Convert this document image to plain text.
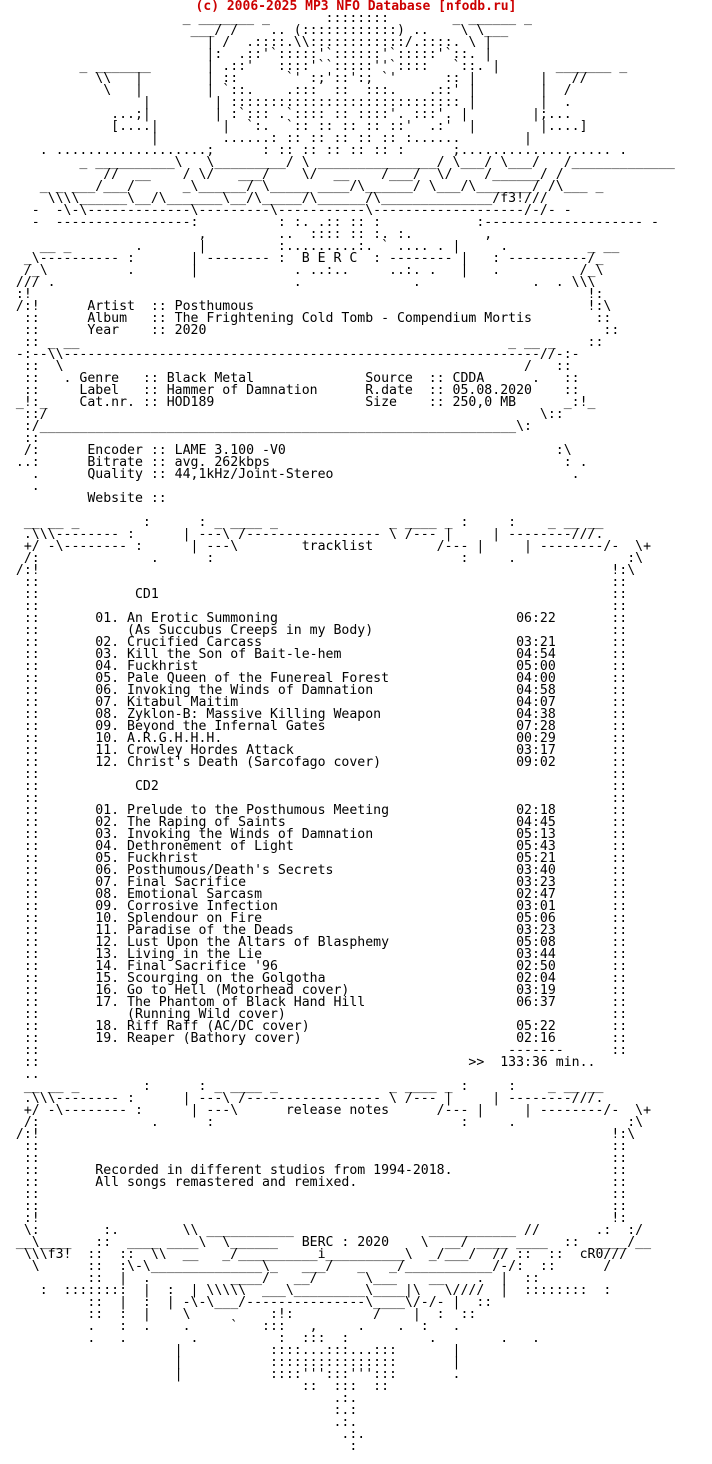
(c) 2006-2025 MP3 NFO Database [nfodb.ru]
_ _______ _       ::::::::        _ ______ _
___/ /    .. (::::::::::::) ..    \ \___
| /  .::::.\\::::::::::::/.::::. \ |
|:  .::'`:::::'`::::::'`:::::'`::. |
_ _______       | .::'   ::::'``:::::''`::::   `::. |       _______ _
\\   |        | ::      `' :;'::':; `'      :: |        |   //
\   |        | `::.    .:::  ::  :::.    .::' |        |  /
|        | ::::::::::::::::::::::::::::: |        |  .
...;|        | :`::: .`:::: :: ::::'. :::'. |        |;...
[....|        |  `:.  `:: :: :: :: ::'  .:'  |        |....]
|        ......: :: :: :: :: :: :......        |
. ...................;      : :: :: :: :: :: :      ;................... .
_ __________\   \_________/ \ _______________/ \___/ \___/   /_____________
//  __    / \/   ___/    \/  __    /___/  \/    /______/ /
_ _ ___/___/      _\______/ \_____ ____/\______/ \___/\_______/ /\___ _
\\\\______\__/\_______\__/\_____/\______/\______________/f3!///
-  -\-\-------------\---------\-----------\-------------------/-/- -
-  -----------------:          : :. .:: :: :            :-------------------- -
,         ..  :::: :: :. :.         ,
__ _        .       |         :.........:. ` .... . |     .          _ __
_\---------- :       | -------- :  B E R C  : -------- |   : ----------/_
/_\          .       |            . ..:..     ..:. .   |   .          /_\
/// .                              .              .              .  . \\\
:!                                                                      !:
/:!      Artist  :: Posthumous                                          !:\
::      Album   :: The Frightening Cold Tomb - Compendium Mortis        ::
::      Year    :: 2020                                                  ::
:: _ __                                                      _ __ _    ::
-:--\\------------------------------------------------------------//-:-
::  \                                                          /   ::
::   . Genre   :: Black Metal              Source  :: CDDA      .   ::
::     Label   :: Hammer of Damnation      R.date  :: 05.08.2020    ::
_!:_    Cat.nr. :: HOD189                   Size    :: 250,0 MB      _:!_
::/                                                              \::
:/____________________________________________________________\:
::
/:      Encoder :: LAME 3.100 -V0                                  :\
..:      Bitrate :: avg. 262kbps                                     : .
.      Quality :: 44,1kHz/Joint-Stereo                              .
.
Website ::

__ __ _        :      : _ ____ _              _ ____ _ :     :    _ __ __
.\\\-------- :      | ---\ /----------------- \ /--- |     | --------///.
+/ -\-------- :      | ---\        tracklist        /--- |     | --------/-  \+
/:              .      :                               :     .              :\
/:!                                                                        !:\
::                                                                        ::
::            CD1                                                         ::
::                                                                        ::
::       01. An Erotic Summoning                              06:22       ::
::           (As Succubus Creeps in my Body)                              ::
::       02. Crucified Carcass                                03:21       ::
::       03. Kill the Son of Bait-le-hem                      04:54       ::
::       04. Fuckhrist                                        05:00       ::
::       05. Pale Queen of the Funereal Forest                04:00       ::
::       06. Invoking the Winds of Damnation                  04:58       ::
::       07. Kitabul Maitim                                   04:07       ::
::       08. Zyklon-B: Massive Killing Weapon                 04:38       ::
::       09. Beyond the Infernal Gates                        07:28       ::
::       10. A.R.G.H.H.H.                                     00:29       ::
::       11. Crowley Hordes Attack                            03:17       ::
::       12. Christ's Death (Sarcofago cover)                 09:02       ::
::                                                                        ::
::            CD2                                                         ::
::                                                                        ::
::       01. Prelude to the Posthumous Meeting                02:18       ::
::       02. The Raping of Saints                             04:45       ::
::       03. Invoking the Winds of Damnation                  05:13       ::
::       04. Dethronement of Light                            05:43       ::
::       05. Fuckhrist                                        05:21       ::
::       06. Posthumous/Death's Secrets                       03:40       ::
::       07. Final Sacrifice                                  03:23       ::
::       08. Emotional Sarcasm                                02:47       ::
::       09. Corrosive Infection                              03:01       ::
::       10. Splendour on Fire                                05:06       ::
::       11. Paradise of the Deads                            03:23       ::
::       12. Lust Upon the Altars of Blasphemy                05:08       ::
::       13. Living in the Lie                                03:44       ::
::       14. Final Sacrifice '96                              02:50       ::
::       15. Scourging on the Golgotha                        02:04       ::
::       16. Go to Hell (Motorhead cover)                     03:19       ::
::       17. The Phantom of Black Hand Hill                   06:37       ::
::           (Running Wild cover)                                         ::
::       18. Riff Raff (AC/DC cover)                          05:22       ::
::       19. Reaper (Bathory cover)                           02:16       ::
::                                                           -------      ::
::                                                      >>  133:36 min..
..
__ __ _        :      : _ ____ _              _ ____ _ :     :    _ __ __
.\\\-------- :      | ---\ /----------------- \ /--- |     | --------///.
+/ -\-------- :      | ---\      release notes      /--- |     | --------/-  \+
/:              .      :                               :     .              :\
/:!                                                                        !:\
::                                                                        ::
::                                                                        ::
::       Recorded in different studios from 1994-2018.                    ::
::       All songs remastered and remixed.                                ::
::                                                                        ::
::                                                                        ::
:!                                                                        !:
\:        :.        \\ ___________                 ___________ //       .:  :/
__\____   ::  ____ ____\  \______   BERC : 2020    \  __/ ____ ____  ::  ____/__
\\\f3!  ::  ::  \\  __   _/__________i__________\  _/___/  // ::  ::  cR0///
\      ::  :\-\______________\_   ___/   _   _/___________/-/:  ::      /
::  |  .          ____/   __/      \___    __    .  |  ::
:  ::::::::  |  :  | \\\\\  ___\_________\____|\   \////  |  ::::::::  :
::  |  :  | -\-\___/---------------\____\/-/- |  ::
::  :  |    \          :!:          /    |  :  ::
.   :  .    .     `   :::   ,     .    .  :   .
.   .        .          :  :::  :          .        .   .
|           ::::...:::...:::       |
|           ::::::::::::::::       |
|           ::::''':::''':::       .
::  :::  ::
.:.
:.:
.:.
.:.
:
